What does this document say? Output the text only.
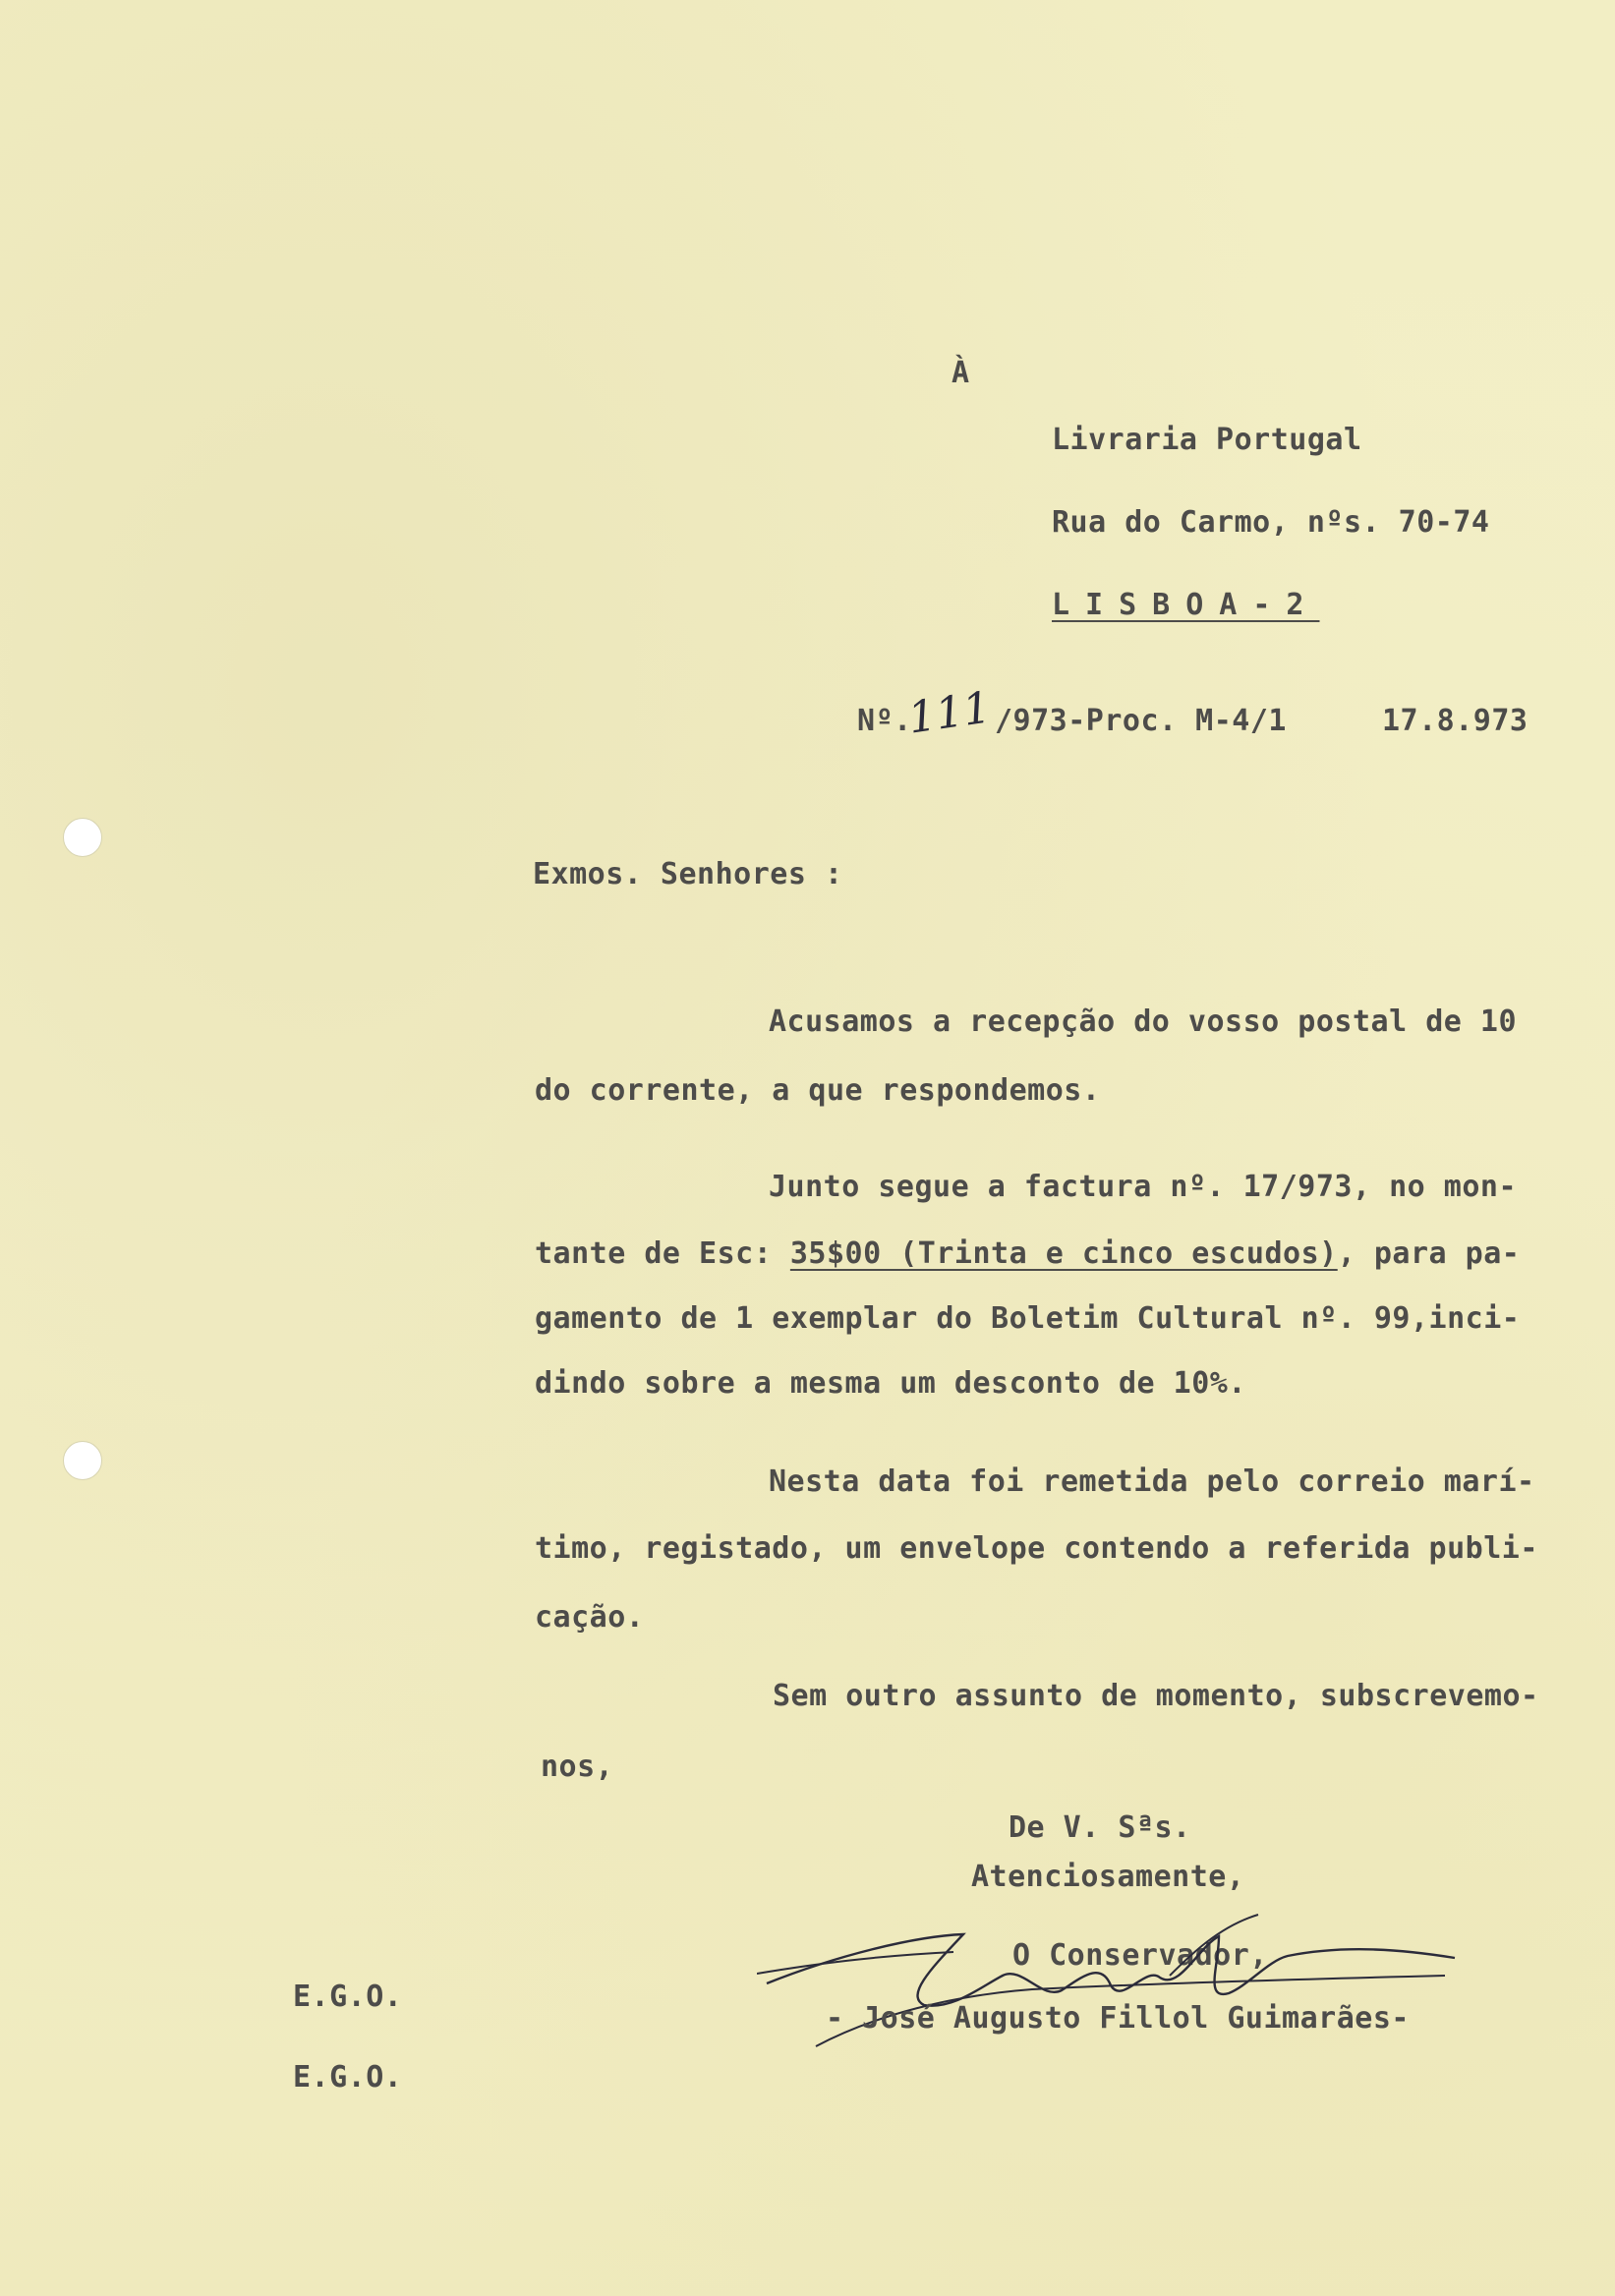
À
Livraria Portugal
Rua do Carmo, nºs. 70-74
LISBOA-2
Nº.
111 /973-Proc. M-4/1	17.8.973
Exmos. Senhores :
Acusamos a recepção do vosso postal de 10
do corrente, a que respondemos.
Junto segue a factura nº. 17/973, no mon-
tante de Esc: 35$00 (Trinta e cinco escudos), para pa-
gamento de 1 exemplar do Boletim Cultural nº. 99,inci-
dindo sobre a mesma um desconto de 10%.
Nesta data foi remetida pelo correio marí-
timo, registado, um envelope contendo a referida publi-
cação.
Sem outro assunto de momento, subscrevemo-
nos,
De V. Sªs.
Atenciosamente,
O Conservador,
- José Augusto Fillol Guimarães-
E.G.O.
E.G.O.
